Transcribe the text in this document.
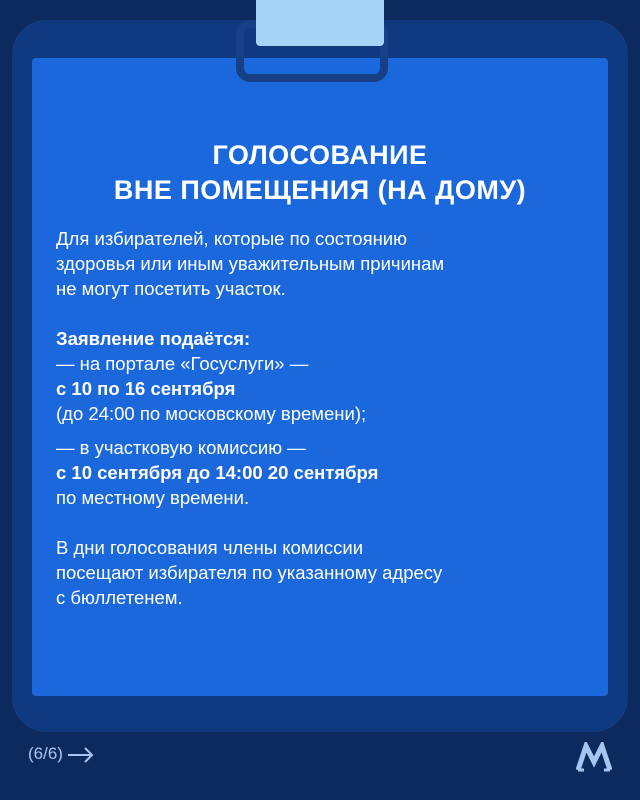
ГОЛОСОВАНИЕ
ВНЕ ПОМЕЩЕНИЯ (НА ДОМУ)

Для избирателей, которые по состоянию
здоровья или иным уважительным причинам
не могут посетить участок.

Заявление подаётся:
— на портале «Госуслуги» —
с 10 по 16 сентября
(до 24:00 по московскому времени);

— в участковую комиссию —
с 10 сентября до 14:00 20 сентября
по местному времени.

В дни голосования члены комиссии
посещают избирателя по указанному адресу
с бюллетенем.

(6/6)
